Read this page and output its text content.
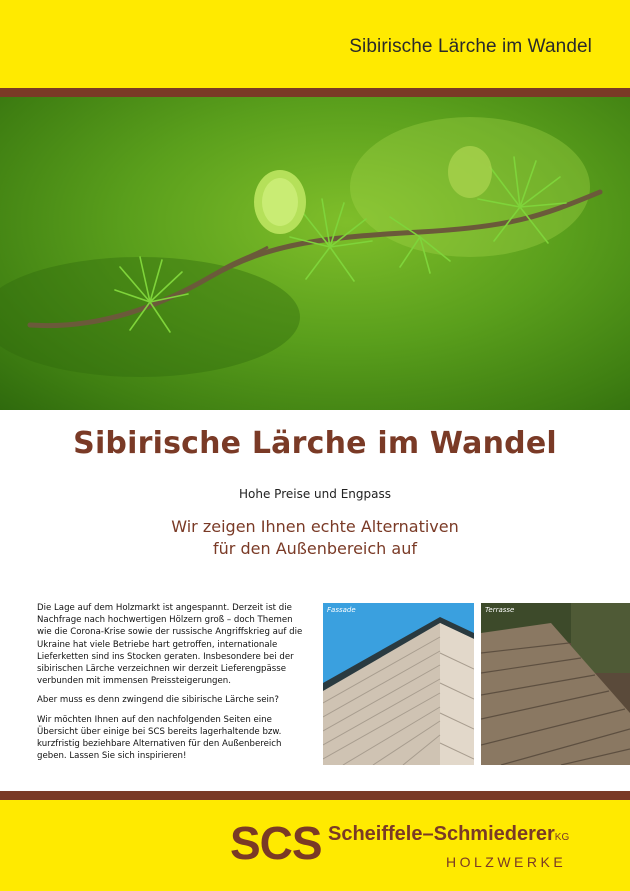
Sibirische Lärche im Wandel
Sibirische Lärche im Wandel
Hohe Preise und Engpass
Wir zeigen Ihnen echte Alternativen
für den Außenbereich auf

Die Lage auf dem Holzmarkt ist angespannt. Derzeit ist die Nachfrage nach hochwertigen Hölzern groß – doch Themen wie die Corona-Krise sowie der russische Angriffskrieg auf die Ukraine hat viele Betriebe hart getroffen, internationale Lieferketten sind ins Stocken geraten. Insbesondere bei der sibirischen Lärche verzeichnen wir derzeit Lieferengpässe verbunden mit immensen Preissteigerungen.

Aber muss es denn zwingend die sibirische Lärche sein?

Wir möchten Ihnen auf den nachfolgenden Seiten eine Übersicht über einige bei SCS bereits lagerhaltende bzw. kurzfristig beziehbare Alternativen für den Außenbereich geben. Lassen Sie sich inspirieren!

Fassade	Terrasse
SCS Scheiffele–SchmiedererKG
HOLZWERKE
